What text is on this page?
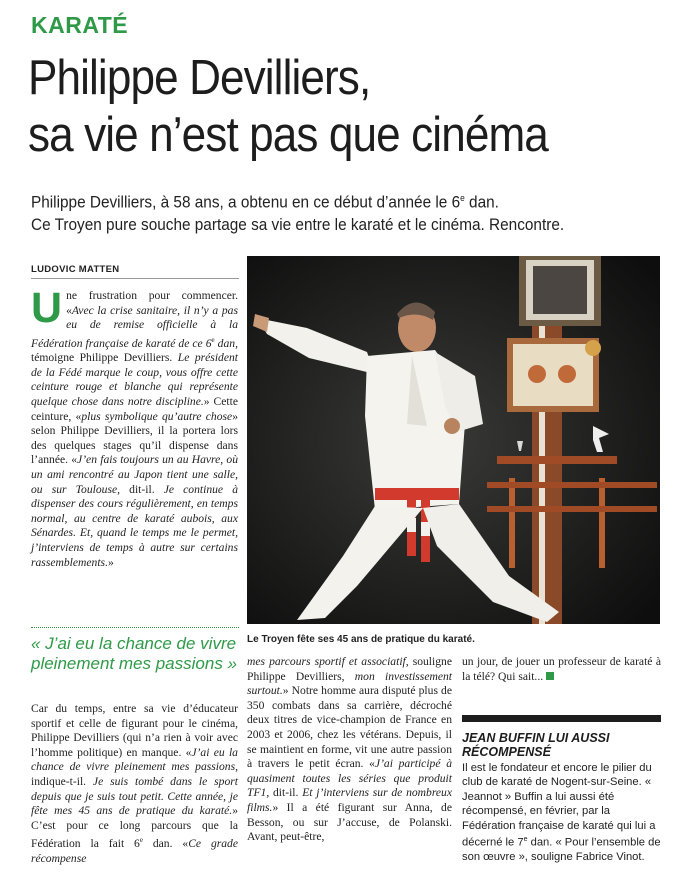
KARATÉ
Philippe Devilliers,
sa vie n’est pas que cinéma
Philippe Devilliers, à 58 ans, a obtenu en ce début d’année le 6e dan.
Ce Troyen pure souche partage sa vie entre le karaté et le cinéma. Rencontre.
LUDOVIC MATTEN
Une frustration pour commencer. «Avec la crise sanitaire, il n’y a pas eu de remise officielle à la Fédération française de karaté de ce 6e dan, témoigne Philippe Devilliers. Le président de la Fédé marque le coup, vous offre cette ceinture rouge et blanche qui représente quelque chose dans notre discipline.» Cette ceinture, «plus symbolique qu’autre chose» selon Philippe Devilliers, il la portera lors des quelques stages qu’il dispense dans l’année. «J’en fais toujours un au Havre, où un ami rencontré au Japon tient une salle, ou sur Toulouse, dit-il. Je continue à dispenser des cours régulièrement, en temps normal, au centre de karaté aubois, aux Sénardes. Et, quand le temps me le permet, j’interviens de temps à autre sur certains rassemblements.»
« J’ai eu la chance de vivre pleinement mes passions »
Car du temps, entre sa vie d’éducateur sportif et celle de figurant pour le cinéma, Philippe Devilliers (qui n’a rien à voir avec l’homme politique) en manque. «J’ai eu la chance de vivre pleinement mes passions, indique-t-il. Je suis tombé dans le sport depuis que je suis tout petit. Cette année, je fête mes 45 ans de pratique du karaté.» C’est pour ce long parcours que la Fédération la fait 6e dan. «Ce grade récompense
Le Troyen fête ses 45 ans de pratique du karaté.
mes parcours sportif et associatif, souligne Philippe Devilliers, mon investissement surtout.» Notre homme aura disputé plus de 350 combats dans sa carrière, décroché deux titres de vice-champion de France en 2003 et 2006, chez les vétérans. Depuis, il se maintient en forme, vit une autre passion à travers le petit écran. «J’ai participé à quasiment toutes les séries que produit TF1, dit-il. Et j’interviens sur de nombreux films.» Il a été figurant sur Anna, de Besson, ou sur J’accuse, de Polanski. Avant, peut-être,
un jour, de jouer un professeur de karaté à la télé? Qui sait...
JEAN BUFFIN LUI AUSSI RÉCOMPENSÉ
Il est le fondateur et encore le pilier du club de karaté de Nogent-sur-Seine. « Jeannot » Buffin a lui aussi été récompensé, en février, par la Fédération française de karaté qui lui a décerné le 7e dan. « Pour l’ensemble de son œuvre », souligne Fabrice Vinot.
